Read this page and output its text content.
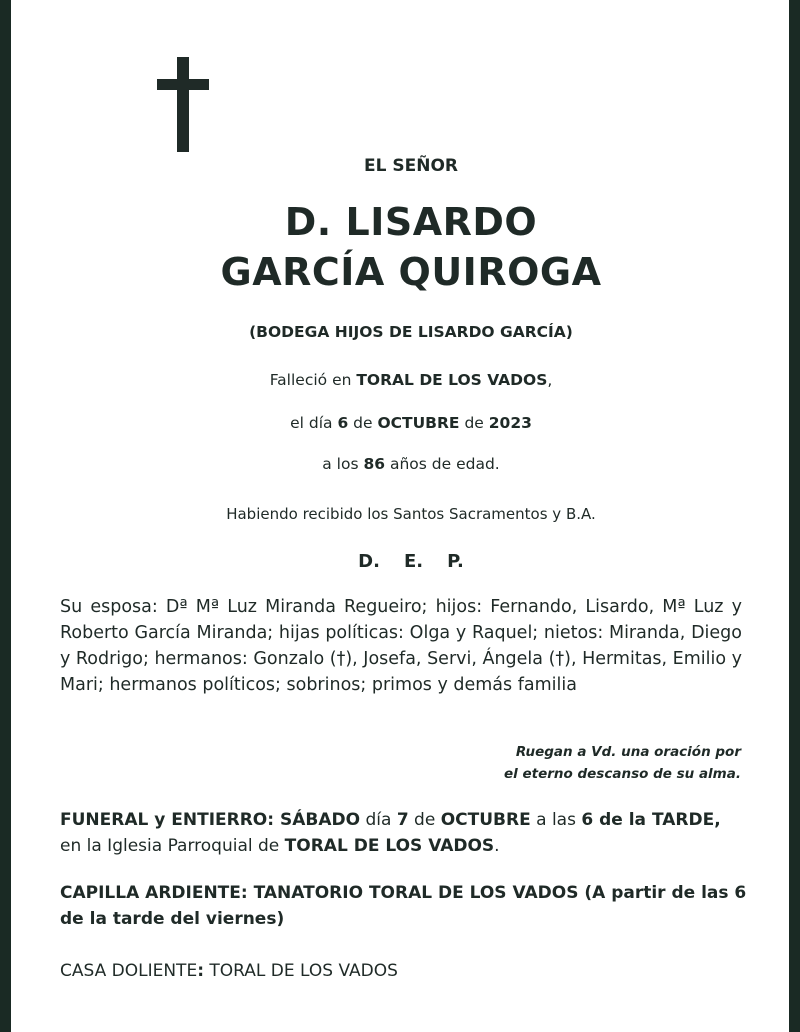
EL SEÑOR
D. LISARDO
GARCÍA QUIROGA
(BODEGA HIJOS DE LISARDO GARCÍA)
Falleció en TORAL DE LOS VADOS,
el día 6 de OCTUBRE de 2023
a los 86 años de edad.
Habiendo recibido los Santos Sacramentos y B.A.
D. E. P.
Su esposa: Dª Mª Luz Miranda Regueiro; hijos: Fernando, Lisardo, Mª Luz y Roberto García Miranda; hijas políticas: Olga y Raquel; nietos: Miranda, Diego y Rodrigo; hermanos: Gonzalo (†), Josefa, Servi, Ángela (†), Hermitas, Emilio y Mari; hermanos políticos; sobrinos; primos y demás familia
Ruegan a Vd. una oración por
el eterno descanso de su alma.
FUNERAL y ENTIERRO: SÁBADO día 7 de OCTUBRE a las 6 de la TARDE,
en la Iglesia Parroquial de TORAL DE LOS VADOS.
CAPILLA ARDIENTE: TANATORIO TORAL DE LOS VADOS (A partir de las 6 de la tarde del viernes)
CASA DOLIENTE: TORAL DE LOS VADOS
